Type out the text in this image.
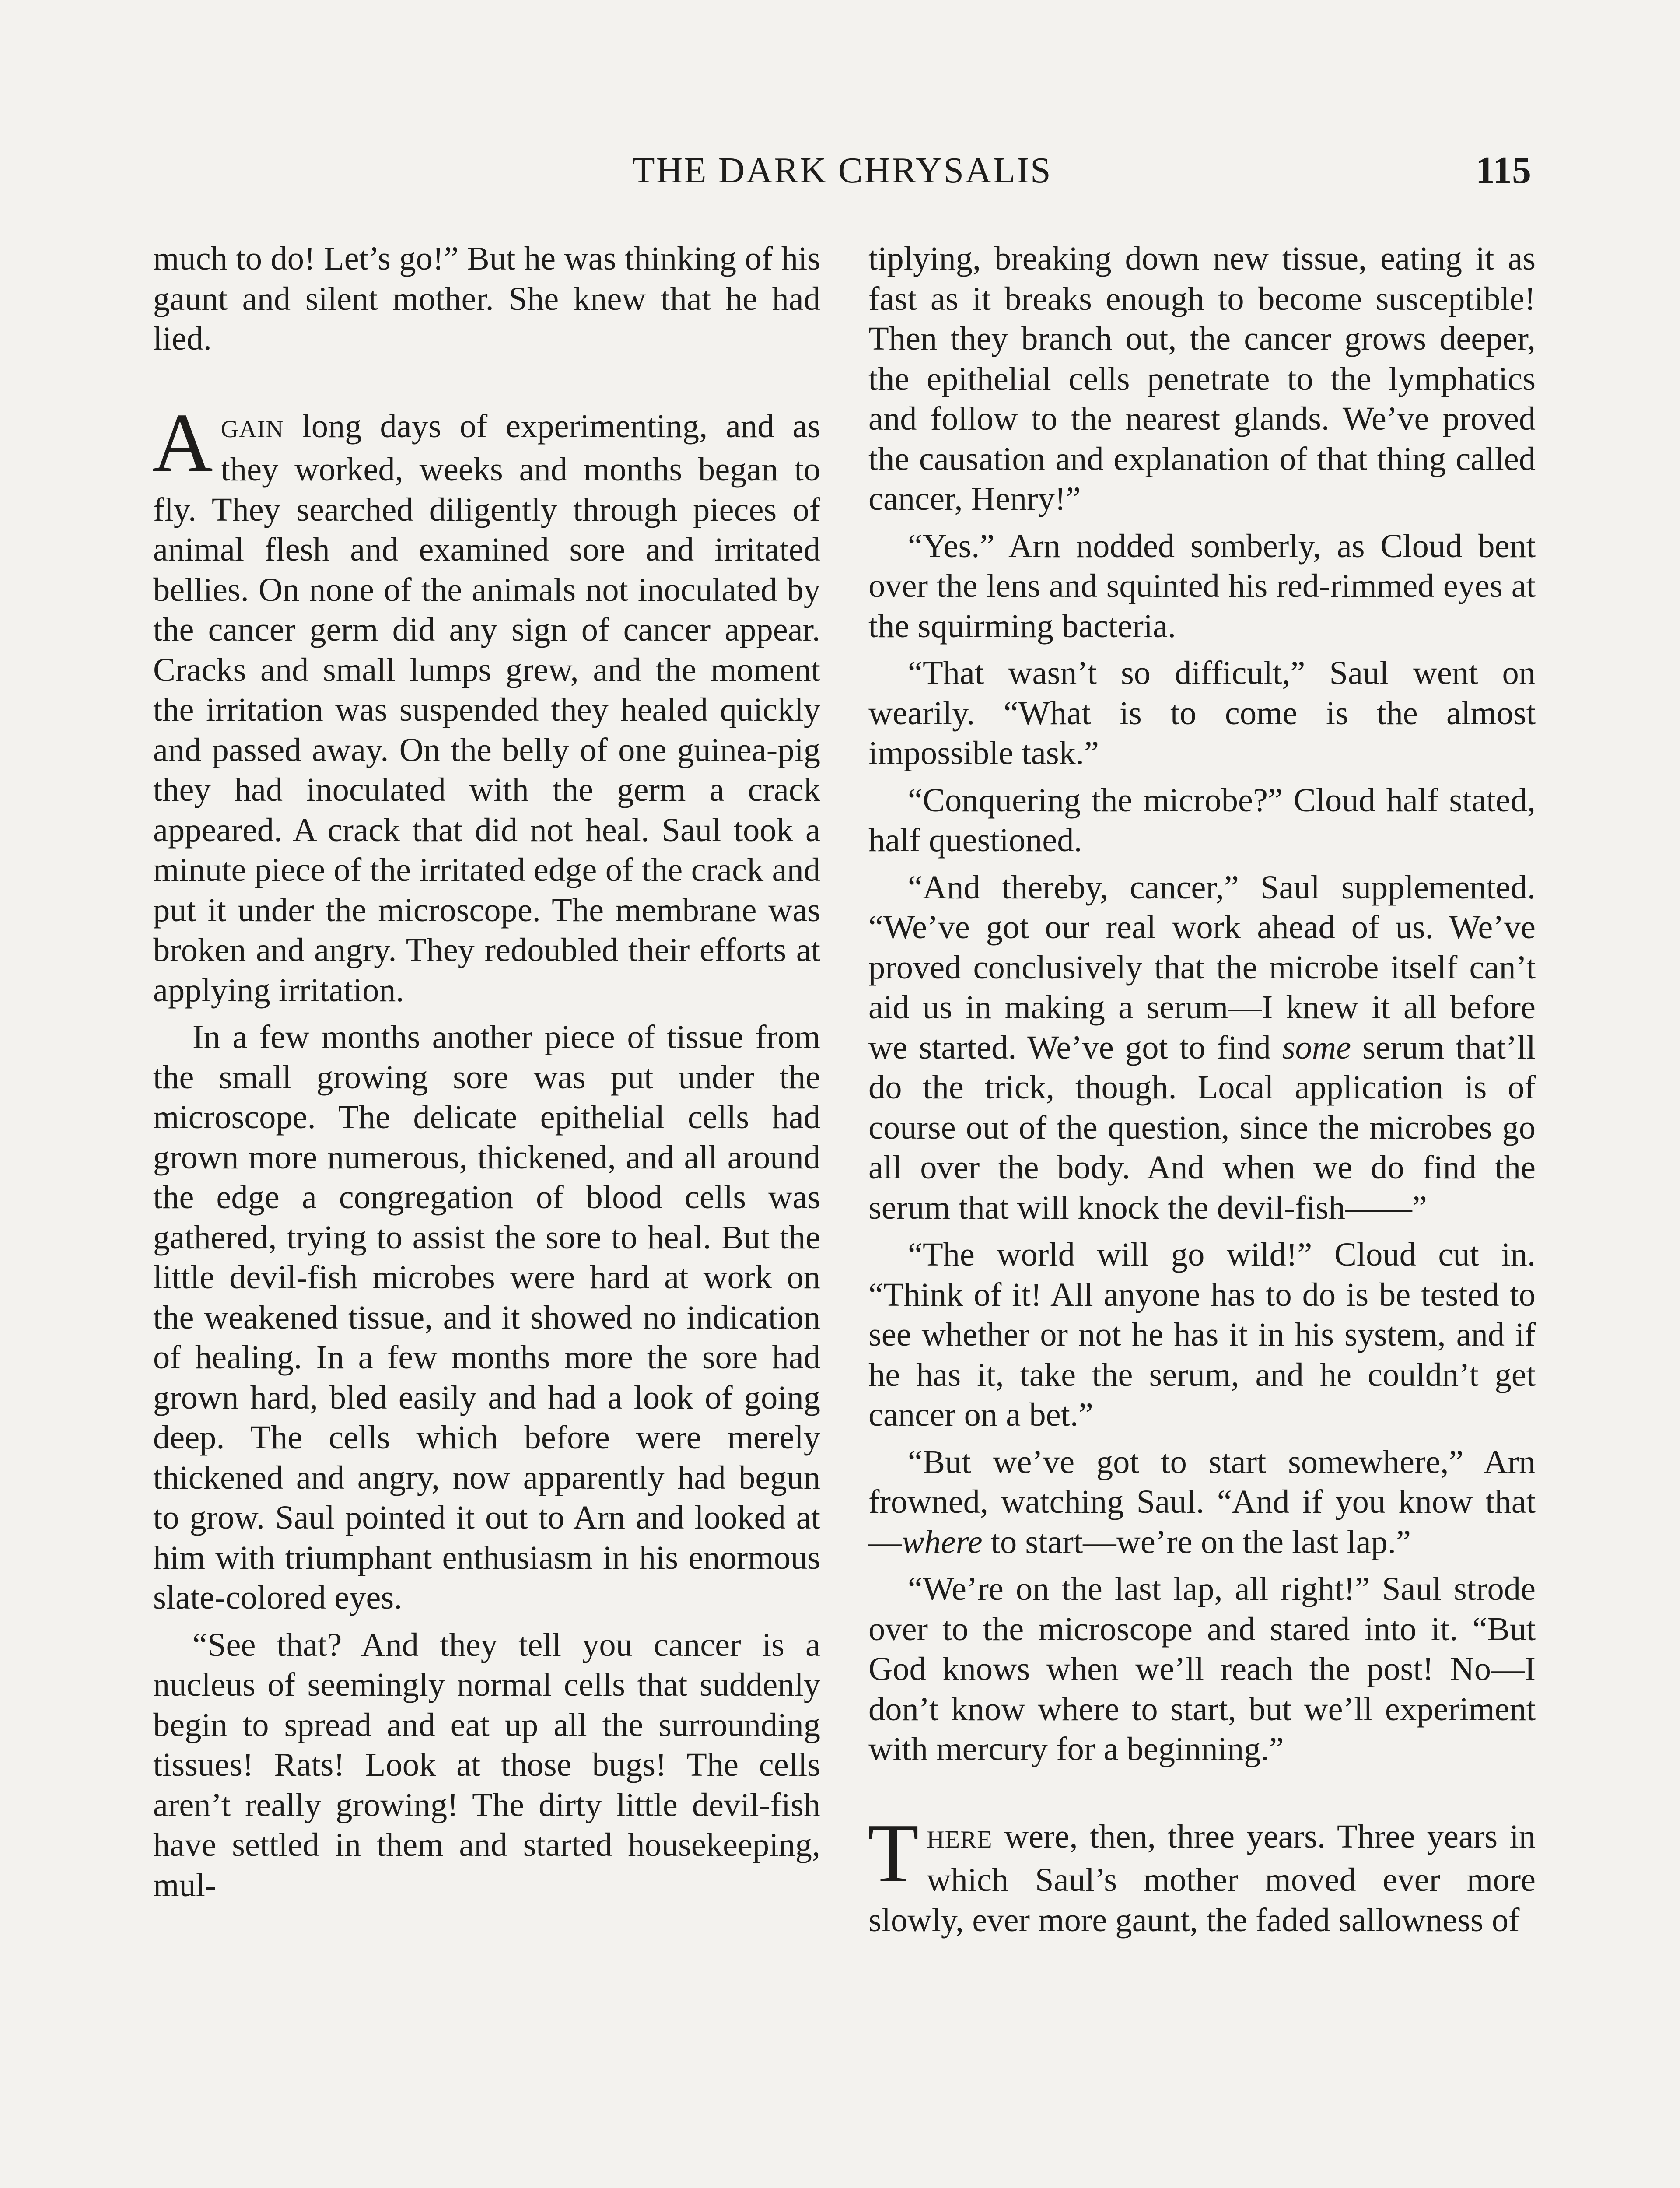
THE DARK CHRYSALIS	115

much to do! Let’s go!” But he was thinking of his gaunt and silent mother. She knew that he had lied.

AGAIN long days of experimenting, and as they worked, weeks and months began to fly. They searched diligently through pieces of animal flesh and examined sore and irritated bellies. On none of the animals not inoculated by the cancer germ did any sign of cancer appear. Cracks and small lumps grew, and the moment the irritation was suspended they healed quickly and passed away. On the belly of one guinea-pig they had inoculated with the germ a crack appeared. A crack that did not heal. Saul took a minute piece of the irritated edge of the crack and put it under the microscope. The membrane was broken and angry. They redoubled their efforts at applying irritation.

In a few months another piece of tissue from the small growing sore was put under the microscope. The delicate epithelial cells had grown more numerous, thickened, and all around the edge a congregation of blood cells was gathered, trying to assist the sore to heal. But the little devil-fish microbes were hard at work on the weakened tissue, and it showed no indication of healing. In a few months more the sore had grown hard, bled easily and had a look of going deep. The cells which before were merely thickened and angry, now apparently had begun to grow. Saul pointed it out to Arn and looked at him with triumphant enthusiasm in his enormous slate-colored eyes.

“See that? And they tell you cancer is a nucleus of seemingly normal cells that suddenly begin to spread and eat up all the surrounding tissues! Rats! Look at those bugs! The cells aren’t really growing! The dirty little devil-fish have settled in them and started housekeeping, mul-

tiplying, breaking down new tissue, eating it as fast as it breaks enough to become susceptible! Then they branch out, the cancer grows deeper, the epithelial cells penetrate to the lymphatics and follow to the nearest glands. We’ve proved the causation and explanation of that thing called cancer, Henry!”

“Yes.” Arn nodded somberly, as Cloud bent over the lens and squinted his red-rimmed eyes at the squirming bacteria.

“That wasn’t so difficult,” Saul went on wearily. “What is to come is the almost impossible task.”

“Conquering the microbe?” Cloud half stated, half questioned.

“And thereby, cancer,” Saul supplemented. “We’ve got our real work ahead of us. We’ve proved conclusively that the microbe itself can’t aid us in making a serum—I knew it all before we started. We’ve got to find some serum that’ll do the trick, though. Local application is of course out of the question, since the microbes go all over the body. And when we do find the serum that will knock the devil-fish——”

“The world will go wild!” Cloud cut in. “Think of it! All anyone has to do is be tested to see whether or not he has it in his system, and if he has it, take the serum, and he couldn’t get cancer on a bet.”

“But we’ve got to start somewhere,” Arn frowned, watching Saul. “And if you know that—where to start—we’re on the last lap.”

“We’re on the last lap, all right!” Saul strode over to the microscope and stared into it. “But God knows when we’ll reach the post! No—I don’t know where to start, but we’ll experiment with mercury for a beginning.”

THERE were, then, three years. Three years in which Saul’s mother moved ever more slowly, ever more gaunt, the faded sallowness of
